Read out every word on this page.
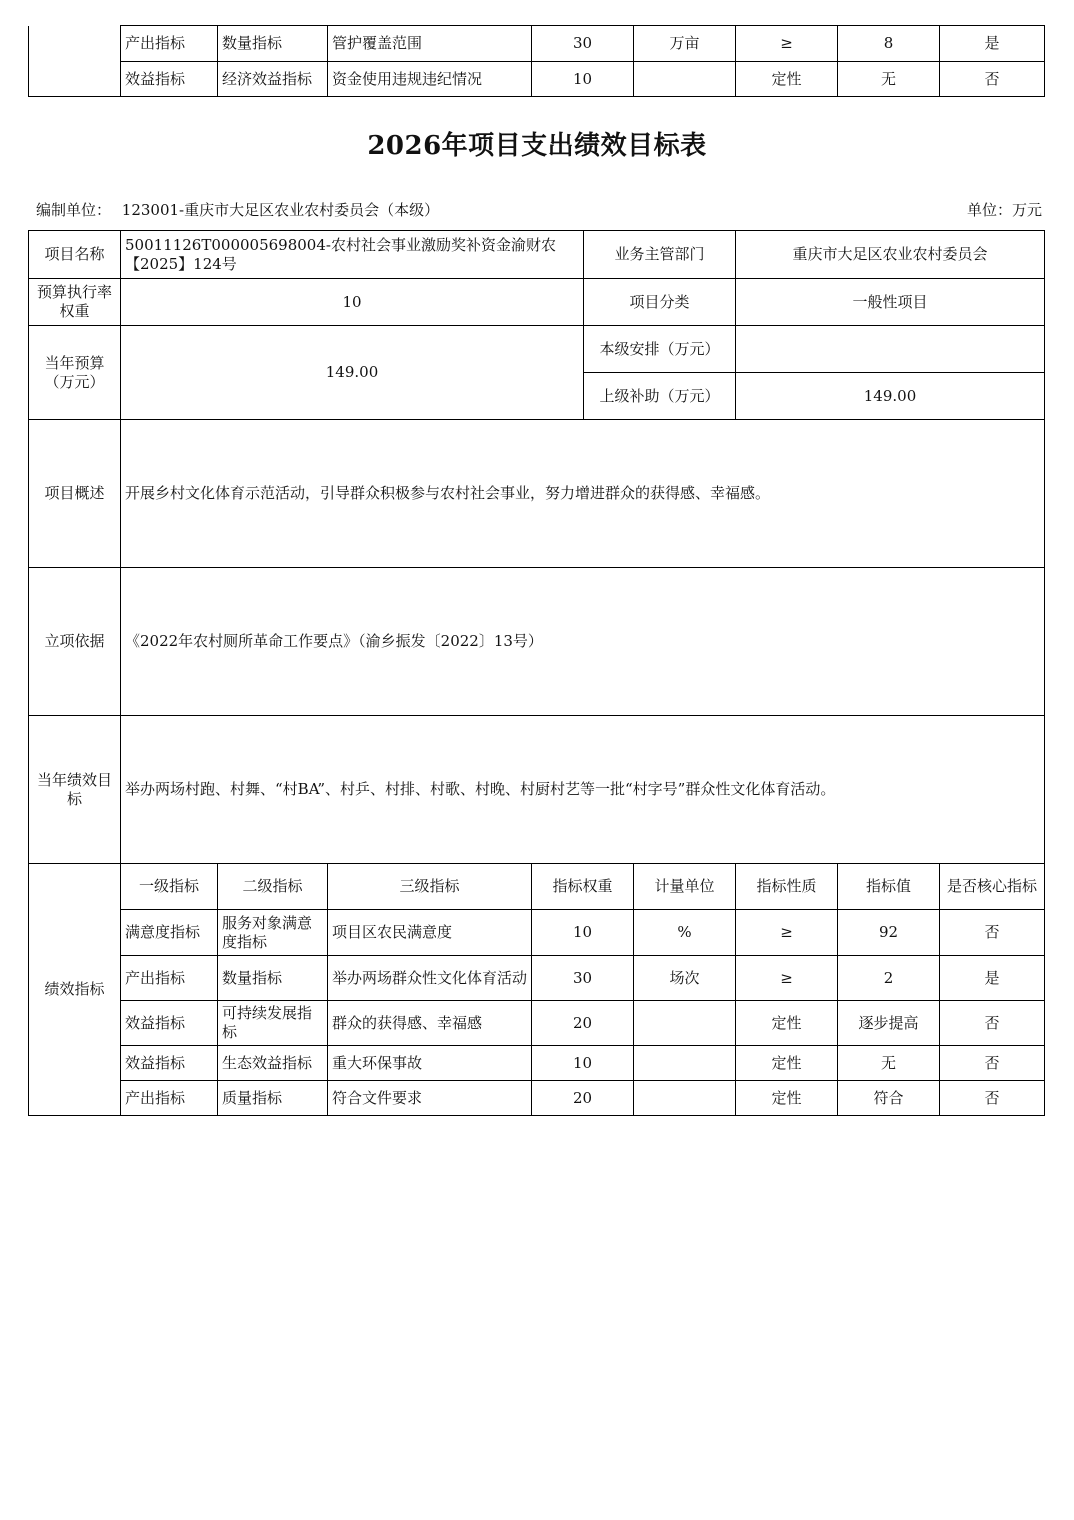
	产出指标	数量指标	管护覆盖范围	30	万亩	≥	8	是
	效益指标	经济效益指标	资金使用违规违纪情况	10		定性	无	否
2026年项目支出绩效目标表
编制单位： 123001-重庆市大足区农业农村委员会（本级）	单位：万元
项目名称	50011126T000005698004-农村社会事业激励奖补资金渝财农【2025】124号				业务主管部门		重庆市大足区农业农村委员会		
预算执行率权重	10				项目分类		一般性项目		
当年预算（万元）	149.00				本级安排（万元）				
					上级补助（万元）		149.00		
项目概述	开展乡村文化体育示范活动，引导群众积极参与农村社会事业，努力增进群众的获得感、幸福感。								
立项依据	《2022年农村厕所革命工作要点》（渝乡振发〔2022〕13号）								
当年绩效目标	举办两场村跑、村舞、“村BA”、村乒、村排、村歌、村晚、村厨村艺等一批“村字号”群众性文化体育活动。								
绩效指标	一级指标	二级指标	三级指标	指标权重		计量单位	指标性质	指标值	是否核心指标
	满意度指标	服务对象满意度指标	项目区农民满意度	10		%	≥	92	否
	产出指标	数量指标	举办两场群众性文化体育活动	30		场次	≥	2	是
	效益指标	可持续发展指标	群众的获得感、幸福感	20			定性	逐步提高	否
	效益指标	生态效益指标	重大环保事故	10			定性	无	否
	产出指标	质量指标	符合文件要求	20			定性	符合	否
